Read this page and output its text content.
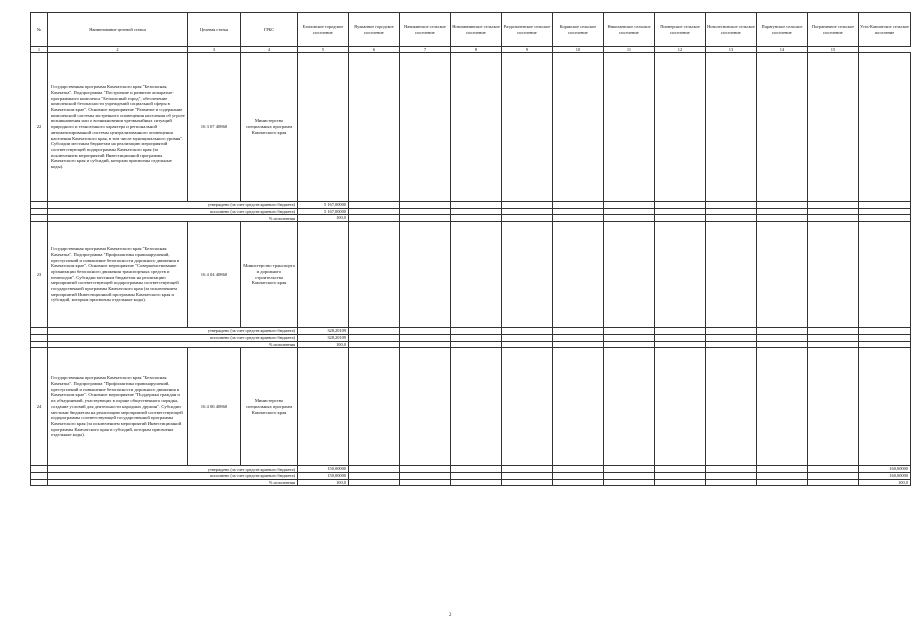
№	Наименование целевой статьи	Целевая статья	ГРБС	Елизовское городское поселение	Вулканное городское поселение	Начикинское сельское поселение	Новоавачинское сельское поселение	Раздольненское сельское поселение	Корякское сельское поселение	Николаевское сельское поселение	Пионерское сельское поселение	Новолесновское сельское поселение	Паратунское сельское поселение	Пограничное сельское поселение	Усть-Камчатское сельское поселение
1	2	3	4	5	6	7	8	9	10	11	12	13	14	15	
22	Государственная программа Камчатского края "Безопасная Камчатка". Подпрограмма "Построение и развитие аппаратно-программного комплекса "Безопасный город", обеспечение комплексной безопасности учреждений социальной сферы в Камчатском крае". Основное мероприятие "Развитие и содержание комплексной системы экстренного оповещения населения об угрозе возникновения или о возникновении чрезвычайных ситуаций природного и техногенного характера и региональной автоматизированной системы централизованного оповещения населения Камчатского края, в том числе муниципального уровня". Субсидии местным бюджетам на реализацию мероприятий соответствующей подпрограммы Камчатского края (за исключением мероприятий Инвестиционной программы Камчатского края и субсидий, которым присвоены отдельные коды).	16 3 07 40860	Министерство специальных программ Камчатского края												
	утверждено (за счет средств краевого бюджета)			5 167,00000											
	исполнено (за счет средств краевого бюджета)			5 167,00000											
	% исполнения			100,0											
23	Государственная программа Камчатского края "Безопасная Камчатка". Подпрограмма "Профилактика правонарушений, преступлений и повышение безопасности дорожного движения в Камчатском крае". Основное мероприятие "Совершенствование организации безопасного движения транспортных средств и пешеходов". Субсидии местным бюджетам на реализацию мероприятий соответствующей подпрограммы соответствующей государственной программы Камчатского края (за исключением мероприятий Инвестиционной программы Камчатского края и субсидий, которым присвоены отдельные коды).	16 4 04 40860	Министерство транспорта и дорожного строительства Камчатского края												
	утверждено (за счет средств краевого бюджета)			328,20109											
	исполнено (за счет средств краевого бюджета)			328,20109											
	% исполнения			100,0											
24	Государственная программа Камчатского края "Безопасная Камчатка". Подпрограмма "Профилактика правонарушений, преступлений и повышение безопасности дорожного движения в Камчатском крае". Основное мероприятие "Поддержка граждан и их объединений, участвующих в охране общественного порядка, создание условий для деятельности народных дружин". Субсидии местным бюджетам на реализацию мероприятий соответствующей подпрограммы соответствующей государственной программы Камчатского края (за исключением мероприятий Инвестиционной программы Камчатского края и субсидий, которым присвоены отдельные коды).	16 4 06 40860	Министерство специальных программ Камчатского края												
	утверждено (за счет средств краевого бюджета)			150,00000											160,00000
	исполнено (за счет средств краевого бюджета)			150,00000											160,00000
	% исполнения			100,0											100,0
2
